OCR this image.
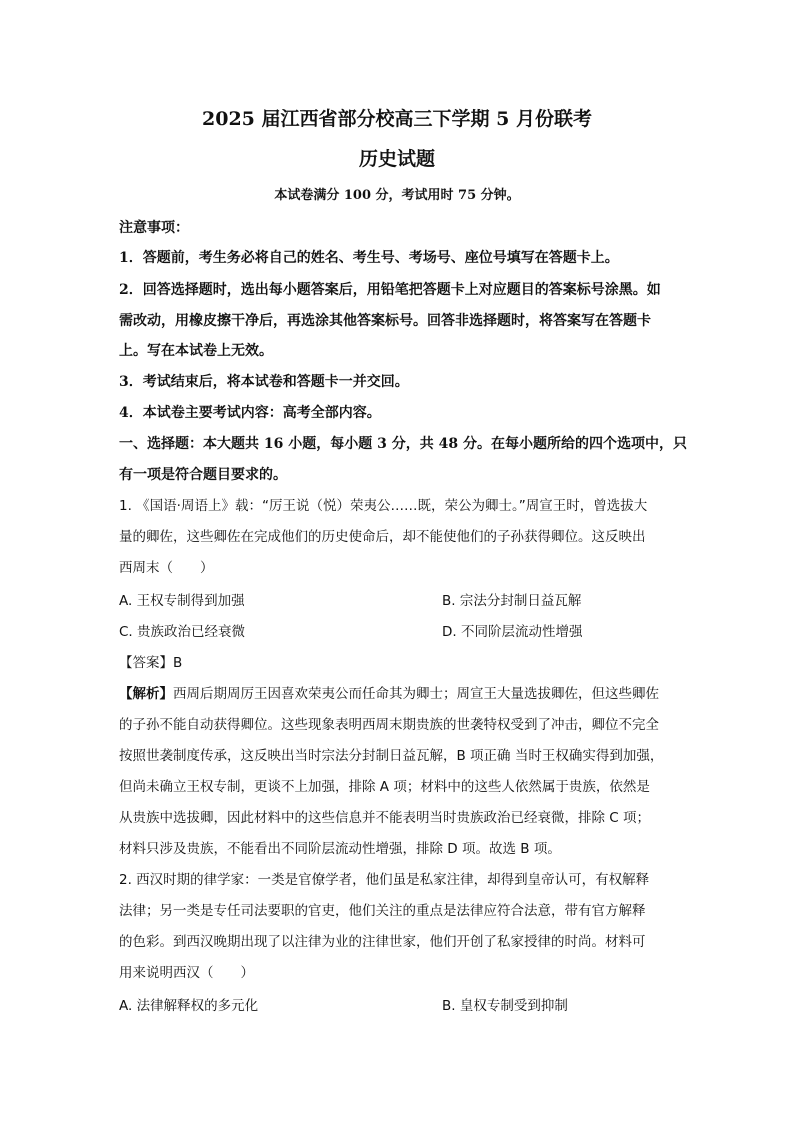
2025 届江西省部分校高三下学期 5 月份联考
历史试题
本试卷满分 100 分，考试用时 75 分钟。
注意事项：
1．答题前，考生务必将自己的姓名、考生号、考场号、座位号填写在答题卡上。
2．回答选择题时，选出每小题答案后，用铅笔把答题卡上对应题目的答案标号涂黑。如
需改动，用橡皮擦干净后，再选涂其他答案标号。回答非选择题时，将答案写在答题卡
上。写在本试卷上无效。
3．考试结束后，将本试卷和答题卡一并交回。
4．本试卷主要考试内容：高考全部内容。
一、选择题：本大题共 16 小题，每小题 3 分，共 48 分。在每小题所给的四个选项中，只
有一项是符合题目要求的。
1. 《国语·周语上》载：“厉王说（悦）荣夷公……既，荣公为卿士。”周宣王时，曾选拔大
量的卿佐，这些卿佐在完成他们的历史使命后，却不能使他们的子孙获得卿位。这反映出
西周末（　　）
A. 王权专制得到加强	B. 宗法分封制日益瓦解
C. 贵族政治已经衰微	D. 不同阶层流动性增强
【答案】B
【解析】西周后期周厉王因喜欢荣夷公而任命其为卿士；周宣王大量选拔卿佐，但这些卿佐
的子孙不能自动获得卿位。这些现象表明西周末期贵族的世袭特权受到了冲击，卿位不完全
按照世袭制度传承，这反映出当时宗法分封制日益瓦解，B 项正确 当时王权确实得到加强，
但尚未确立王权专制，更谈不上加强，排除 A 项；材料中的这些人依然属于贵族，依然是
从贵族中选拔卿，因此材料中的这些信息并不能表明当时贵族政治已经衰微，排除 C 项；
材料只涉及贵族，不能看出不同阶层流动性增强，排除 D 项。故选 B 项。
2. 西汉时期的律学家：一类是官僚学者，他们虽是私家注律，却得到皇帝认可，有权解释
法律；另一类是专任司法要职的官吏，他们关注的重点是法律应符合法意，带有官方解释
的色彩。到西汉晚期出现了以注律为业的注律世家，他们开创了私家授律的时尚。材料可
用来说明西汉（　　）
A. 法律解释权的多元化	B. 皇权专制受到抑制
